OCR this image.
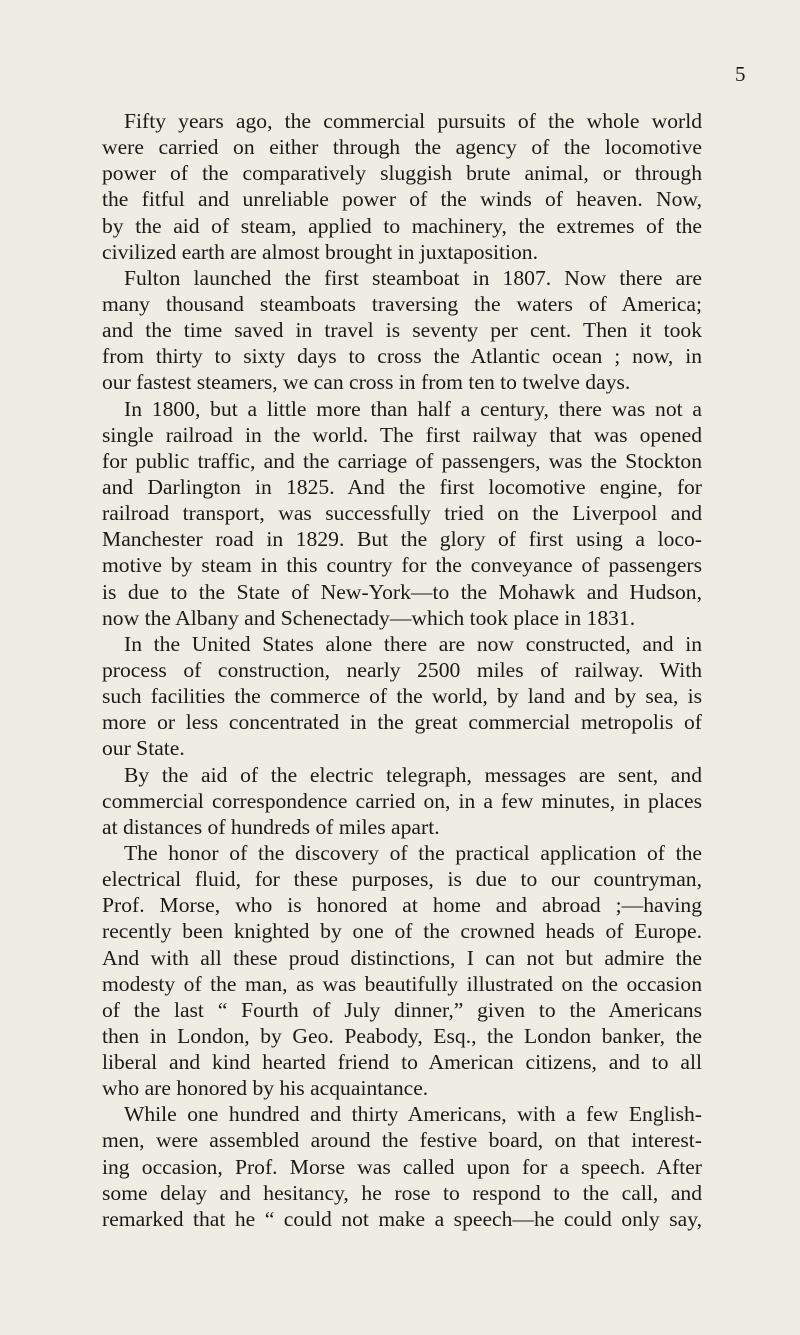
5
Fifty years ago, the commercial pursuits of the whole world
were carried on either through the agency of the locomotive
power of the comparatively sluggish brute animal, or through
the fitful and unreliable power of the winds of heaven. Now,
by the aid of steam, applied to machinery, the extremes of the
civilized earth are almost brought in juxtaposition.
Fulton launched the first steamboat in 1807. Now there are
many thousand steamboats traversing the waters of America;
and the time saved in travel is seventy per cent. Then it took
from thirty to sixty days to cross the Atlantic ocean ; now, in
our fastest steamers, we can cross in from ten to twelve days.
In 1800, but a little more than half a century, there was not a
single railroad in the world. The first railway that was opened
for public traffic, and the carriage of passengers, was the Stockton
and Darlington in 1825. And the first locomotive engine, for
railroad transport, was successfully tried on the Liverpool and
Manchester road in 1829. But the glory of first using a loco-
motive by steam in this country for the conveyance of passengers
is due to the State of New-York—to the Mohawk and Hudson,
now the Albany and Schenectady—which took place in 1831.
In the United States alone there are now constructed, and in
process of construction, nearly 2500 miles of railway. With
such facilities the commerce of the world, by land and by sea, is
more or less concentrated in the great commercial metropolis of
our State.
By the aid of the electric telegraph, messages are sent, and
commercial correspondence carried on, in a few minutes, in places
at distances of hundreds of miles apart.
The honor of the discovery of the practical application of the
electrical fluid, for these purposes, is due to our countryman,
Prof. Morse, who is honored at home and abroad ;—having
recently been knighted by one of the crowned heads of Europe.
And with all these proud distinctions, I can not but admire the
modesty of the man, as was beautifully illustrated on the occasion
of the last “ Fourth of July dinner,” given to the Americans
then in London, by Geo. Peabody, Esq., the London banker, the
liberal and kind hearted friend to American citizens, and to all
who are honored by his acquaintance.
While one hundred and thirty Americans, with a few English-
men, were assembled around the festive board, on that interest-
ing occasion, Prof. Morse was called upon for a speech. After
some delay and hesitancy, he rose to respond to the call, and
remarked that he “ could not make a speech—he could only say,
